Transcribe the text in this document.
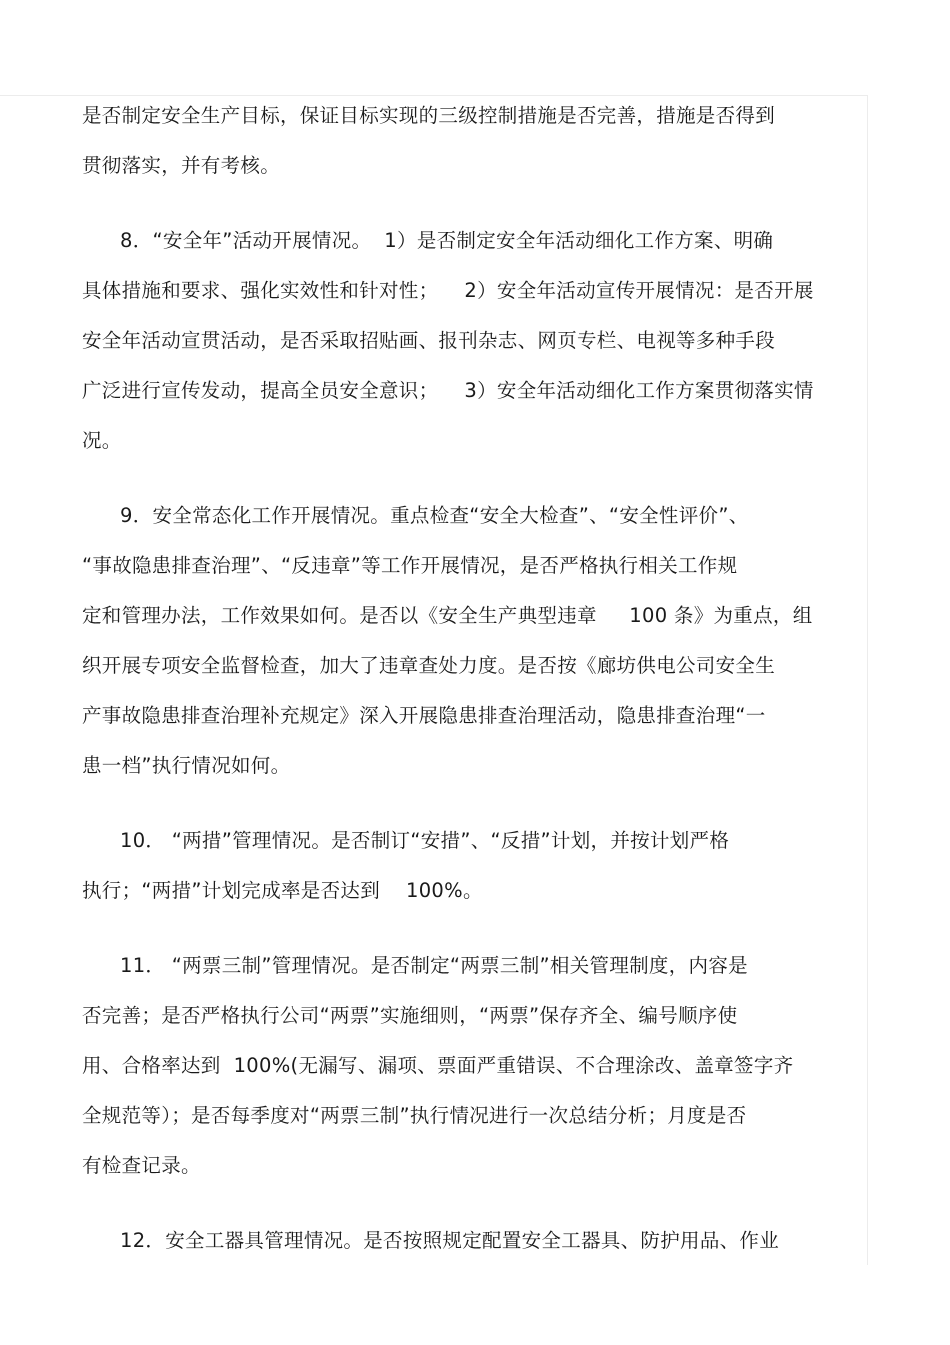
是否制定安全生产目标，保证目标实现的三级控制措施是否完善，措施是否得到
贯彻落实，并有考核。
8．“安全年”活动开展情况。  1）是否制定安全年活动细化工作方案、明确
具体措施和要求、强化实效性和针对性；    2）安全年活动宣传开展情况：是否开展
安全年活动宣贯活动，是否采取招贴画、报刊杂志、网页专栏、电视等多种手段
广泛进行宣传发动，提高全员安全意识；    3）安全年活动细化工作方案贯彻落实情
况。
9．安全常态化工作开展情况。重点检查“安全大检查”、“安全性评价”、
“事故隐患排查治理”、“反违章”等工作开展情况，是否严格执行相关工作规
定和管理办法，工作效果如何。是否以《安全生产典型违章     100 条》为重点，组
织开展专项安全监督检查，加大了违章查处力度。是否按《廊坊供电公司安全生
产事故隐患排查治理补充规定》深入开展隐患排查治理活动，隐患排查治理“一
患一档”执行情况如何。
10． “两措”管理情况。是否制订“安措”、“反措”计划，并按计划严格
执行；“两措”计划完成率是否达到    100%。
11． “两票三制”管理情况。是否制定“两票三制”相关管理制度，内容是
否完善；是否严格执行公司“两票”实施细则，“两票”保存齐全、编号顺序使
用、合格率达到  100%(无漏写、漏项、票面严重错误、不合理涂改、盖章签字齐
全规范等）；是否每季度对“两票三制”执行情况进行一次总结分析；月度是否
有检查记录。
12．安全工器具管理情况。是否按照规定配置安全工器具、防护用品、作业
